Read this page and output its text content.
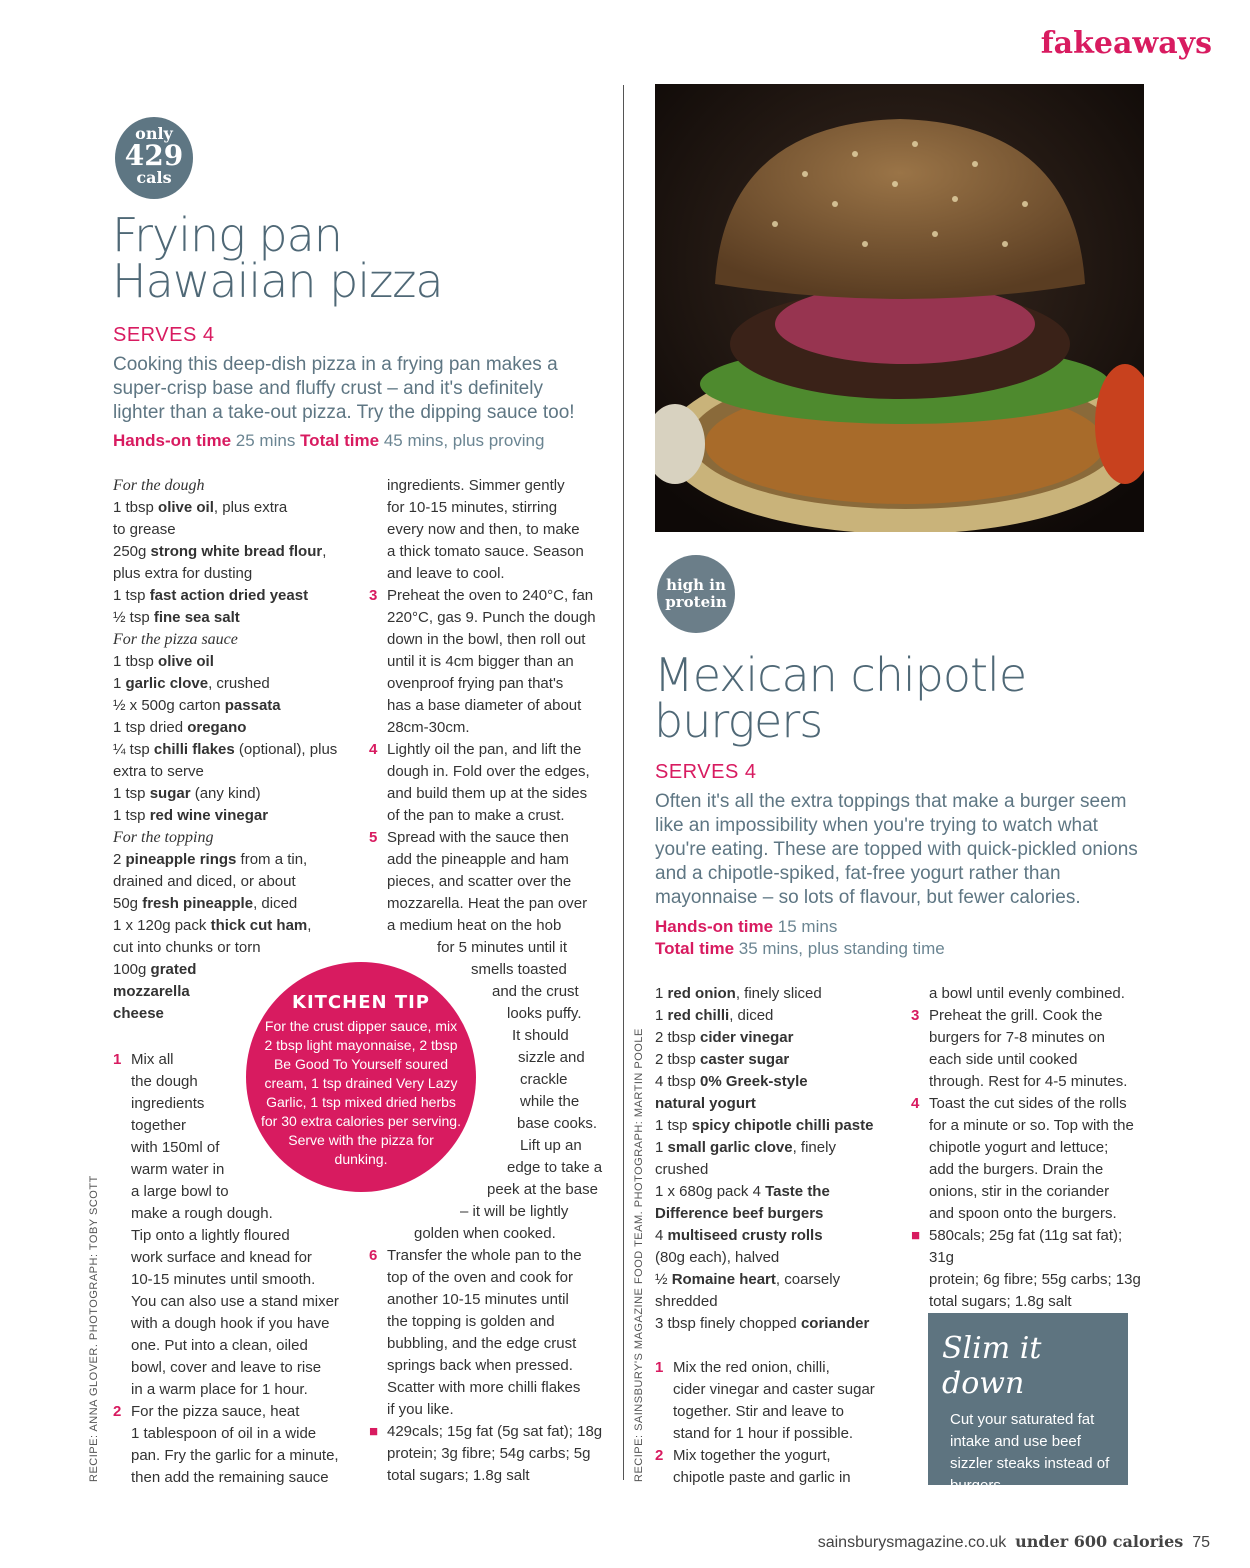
fakeaways
only
429
cals
Frying pan
Hawaiian pizza
SERVES 4
Cooking this deep-dish pizza in a frying pan makes a super-crisp base and fluffy crust – and it's definitely lighter than a take-out pizza. Try the dipping sauce too!
Hands-on time 25 mins Total time 45 mins, plus proving

For the dough

1 tbsp olive oil, plus extra

to grease

250g strong white bread flour,

plus extra for dusting

1 tsp fast action dried yeast

½ tsp fine sea salt

For the pizza sauce

1 tbsp olive oil

1 garlic clove, crushed

½ x 500g carton passata

1 tsp dried oregano

¼ tsp chilli flakes (optional), plus

extra to serve

1 tsp sugar (any kind)

1 tsp red wine vinegar

For the topping

2 pineapple rings from a tin,

drained and diced, or about

50g fresh pineapple, diced

1 x 120g pack thick cut ham,

cut into chunks or torn

100g grated

mozzarella

cheese

1 Mix all

the dough

ingredients

together

with 150ml of

warm water in

a large bowl to

make a rough dough.

Tip onto a lightly floured

work surface and knead for

10-15 minutes until smooth.

You can also use a stand mixer

with a dough hook if you have

one. Put into a clean, oiled

bowl, cover and leave to rise

in a warm place for 1 hour.

2 For the pizza sauce, heat

1 tablespoon of oil in a wide

pan. Fry the garlic for a minute,

then add the remaining sauce

ingredients. Simmer gently

for 10-15 minutes, stirring

every now and then, to make

a thick tomato sauce. Season

and leave to cool.

3 Preheat the oven to 240°C, fan

220°C, gas 9. Punch the dough

down in the bowl, then roll out

until it is 4cm bigger than an

ovenproof frying pan that's

has a base diameter of about

28cm-30cm.

4 Lightly oil the pan, and lift the

dough in. Fold over the edges,

and build them up at the sides

of the pan to make a crust.

5 Spread with the sauce then

add the pineapple and ham

pieces, and scatter over the

mozzarella. Heat the pan over

a medium heat on the hob

for 5 minutes until it

smells toasted

and the crust

looks puffy.

It should

sizzle and

crackle

while the

base cooks.

Lift up an

edge to take a

peek at the base

– it will be lightly

golden when cooked.

6 Transfer the whole pan to the

top of the oven and cook for

another 10-15 minutes until

the topping is golden and

bubbling, and the edge crust

springs back when pressed.

Scatter with more chilli flakes

if you like.

■ 429cals; 15g fat (5g sat fat); 18g

protein; 3g fibre; 54g carbs; 5g

total sugars; 1.8g salt

KITCHEN TIP
For the crust dipper sauce, mix 2 tbsp light mayonnaise, 2 tbsp Be Good To Yourself soured cream, 1 tsp drained Very Lazy Garlic, 1 tsp mixed dried herbs for 30 extra calories per serving. Serve with the pizza for dunking.
high in
protein
Mexican chipotle
burgers
SERVES 4
Often it's all the extra toppings that make a burger seem like an impossibility when you're trying to watch what you're eating. These are topped with quick-pickled onions and a chipotle-spiked, fat-free yogurt rather than mayonnaise – so lots of flavour, but fewer calories.
Hands-on time 15 mins
Total time 35 mins, plus standing time

1 red onion, finely sliced

1 red chilli, diced

2 tbsp cider vinegar

2 tbsp caster sugar

4 tbsp 0% Greek-style

natural yogurt

1 tsp spicy chipotle chilli paste

1 small garlic clove, finely

crushed

1 x 680g pack 4 Taste the

Difference beef burgers

4 multiseed crusty rolls

(80g each), halved

½ Romaine heart, coarsely

shredded

3 tbsp finely chopped coriander

1 Mix the red onion, chilli,

cider vinegar and caster sugar

together. Stir and leave to

stand for 1 hour if possible.

2 Mix together the yogurt,

chipotle paste and garlic in

a bowl until evenly combined.

3 Preheat the grill. Cook the

burgers for 7-8 minutes on

each side until cooked

through. Rest for 4-5 minutes.

4 Toast the cut sides of the rolls

for a minute or so. Top with the

chipotle yogurt and lettuce;

add the burgers. Drain the

onions, stir in the coriander

and spoon onto the burgers.

■ 580cals; 25g fat (11g sat fat); 31g

protein; 6g fibre; 55g carbs; 13g

total sugars; 1.8g salt

Slim it down
Cut your saturated fat intake and use beef sizzler steaks instead of burgers.
RECIPE: ANNA GLOVER. PHOTOGRAPH: TOBY SCOTT	RECIPE: SAINSBURY'S MAGAZINE FOOD TEAM. PHOTOGRAPH: MARTIN POOLE
sainsburysmagazine.co.uk under 600 calories 75
